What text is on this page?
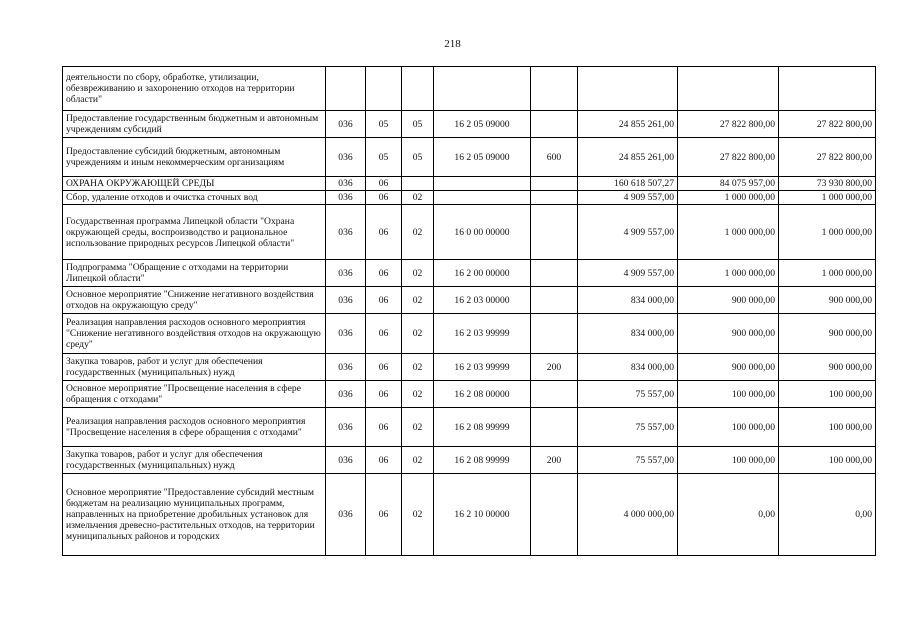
218
деятельности по сбору, обработке, утилизации, обезвреживанию и захоронению отходов на территории области"								
Предоставление государственным бюджетным и автономным учреждениям субсидий	036	05	05	16 2 05 09000		24 855 261,00	27 822 800,00	27 822 800,00
Предоставление субсидий бюджетным, автономным учреждениям и иным некоммерческим организациям	036	05	05	16 2 05 09000	600	24 855 261,00	27 822 800,00	27 822 800,00
ОХРАНА ОКРУЖАЮЩЕЙ СРЕДЫ	036	06				160 618 507,27	84 075 957,00	73 930 800,00
Сбор, удаление отходов и очистка сточных вод	036	06	02			4 909 557,00	1 000 000,00	1 000 000,00
Государственная программа Липецкой области "Охрана окружающей среды, воспроизводство и рациональное использование природных ресурсов Липецкой области"	036	06	02	16 0 00 00000		4 909 557,00	1 000 000,00	1 000 000,00
Подпрограмма "Обращение с отходами на территории Липецкой области"	036	06	02	16 2 00 00000		4 909 557,00	1 000 000,00	1 000 000,00
Основное мероприятие "Снижение негативного воздействия отходов на окружающую среду"	036	06	02	16 2 03 00000		834 000,00	900 000,00	900 000,00
Реализация направления расходов основного мероприятия "Снижение негативного воздействия отходов на окружающую среду"	036	06	02	16 2 03 99999		834 000,00	900 000,00	900 000,00
Закупка товаров, работ и услуг для обеспечения государственных (муниципальных) нужд	036	06	02	16 2 03 99999	200	834 000,00	900 000,00	900 000,00
Основное мероприятие "Просвещение населения в сфере обращения с отходами"	036	06	02	16 2 08 00000		75 557,00	100 000,00	100 000,00
Реализация направления расходов основного мероприятия "Просвещение населения в сфере обращения с отходами"	036	06	02	16 2 08 99999		75 557,00	100 000,00	100 000,00
Закупка товаров, работ и услуг для обеспечения государственных (муниципальных) нужд	036	06	02	16 2 08 99999	200	75 557,00	100 000,00	100 000,00
Основное мероприятие "Предоставление субсидий местным бюджетам на реализацию муниципальных программ, направленных на приобретение дробильных установок для измельчения древесно-растительных отходов, на территории муниципальных районов и городских	036	06	02	16 2 10 00000		4 000 000,00	0,00	0,00
